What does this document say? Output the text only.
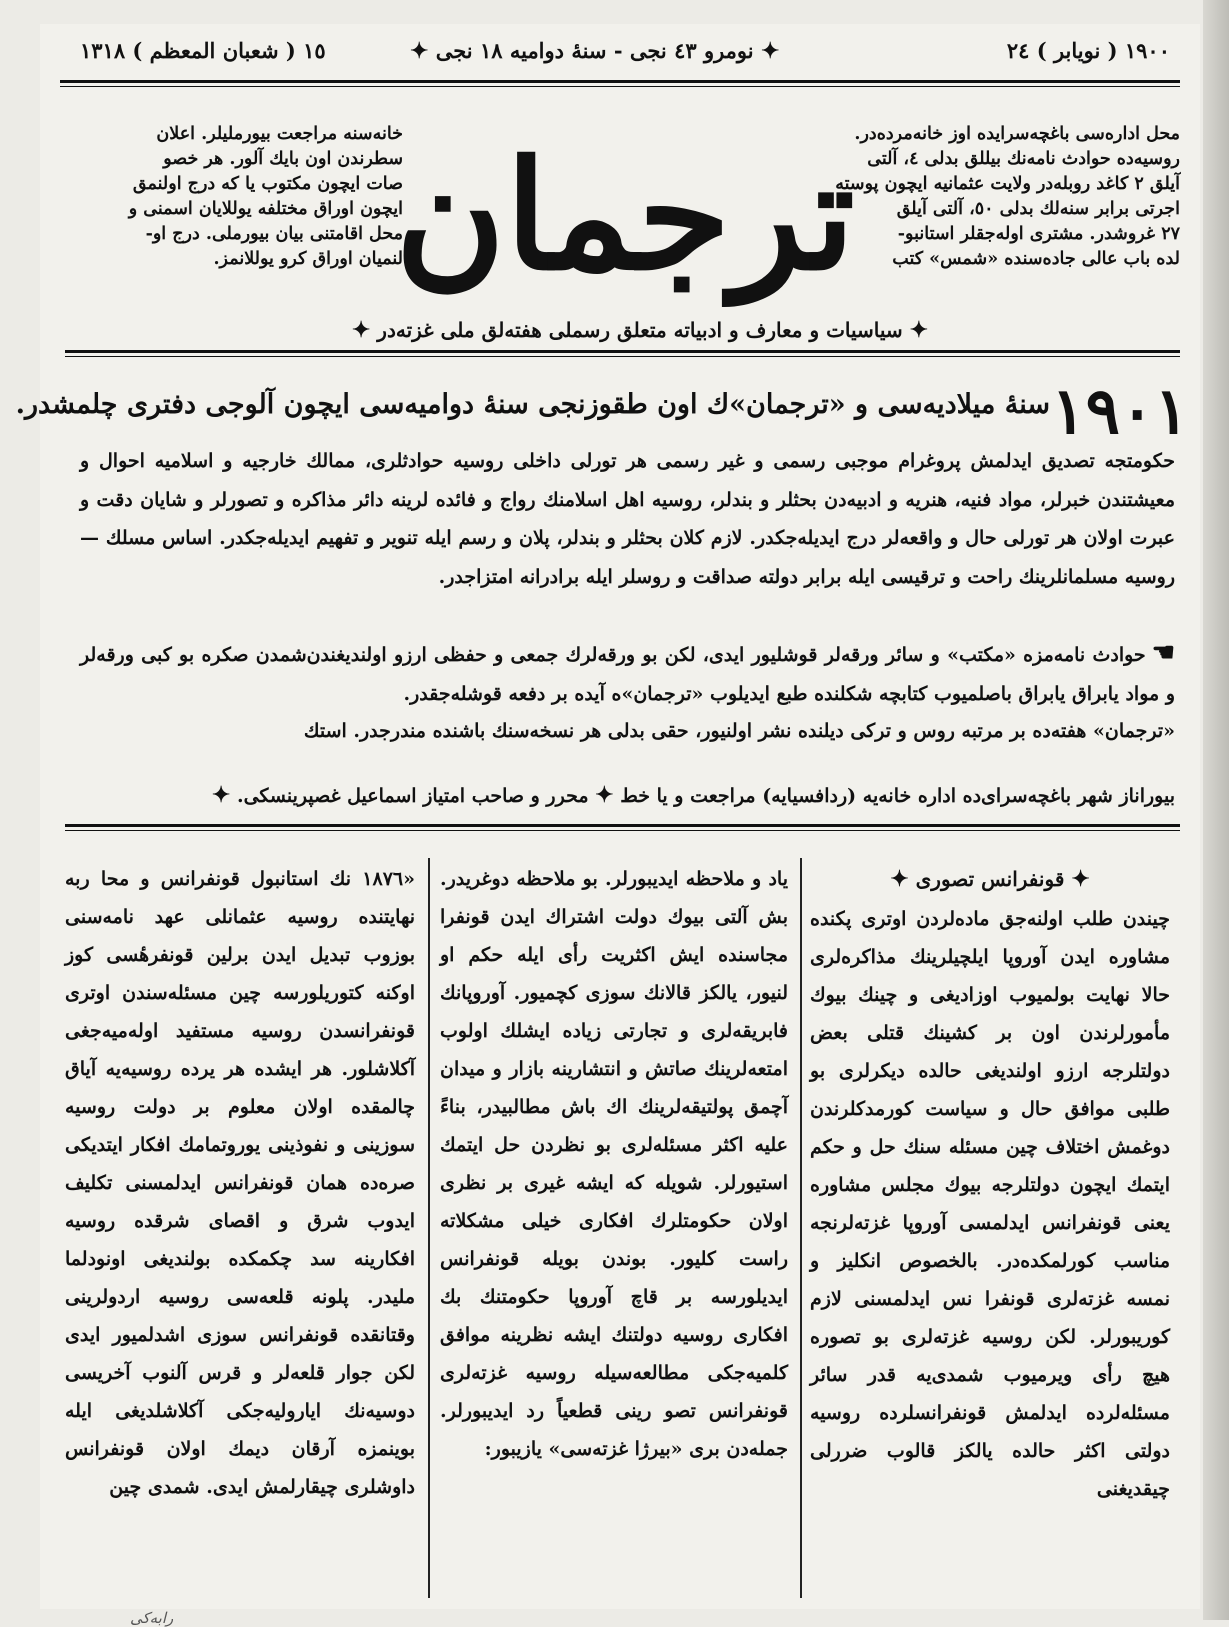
١٩٠٠ ( نویابر ) ٢٤
✦ نومرو ٤٣ نجى - سنۀ دوامیه ١٨ نجى ✦
١٥ ( شعبان المعظم ) ١٣١٨
محل اداره‌سی باغچه‌سرایده اوز خانه‌مرده‌در.
روسیه‌ده حوادث نامه‌نك بیللق بدلی ٤، آلتی
آیلق ٢ کاغد روبله‌در ولایت عثمانیه ایچون پوسته
اجرتی برابر سنه‌لك بدلی ٥٠، آلتی آیلق
٢٧ غروشدر. مشتری اوله‌جقلر استانبو-
لده باب عالی جاده‌سنده «شمس» کتب
ترجمان
خانه‌سنه مراجعت بیورملیلر. اعلان
سطرندن اون بایك آلور. هر خصو
صات ایچون مکتوب یا که درج اولنمق
ایچون اوراق مختلفه یوللایان اسمنی و
محل اقامتنی بیان بیورملی. درج او-
لنمیان اوراق کرو یوللانمز.
✦ سیاسیات و معارف و ادبیاته متعلق رسملی هفته‌لق ملی غزته‌در ✦
١٩٠١
سنۀ میلادیه‌سی و «ترجمان»ك اون طقوزنجی سنۀ دوامیه‌سی ایچون آلوجی دفتری چلمشدر.
حکومتجه تصدیق ایدلمش پروغرام موجبی رسمی و غیر رسمی هر تورلی داخلی روسیه حوادثلری، ممالك خارجیه و اسلامیه احوال و معیشتندن خبرلر، مواد فنیه، هنریه و ادبیه‌دن بحثلر و بندلر، روسیه اهل اسلامنك رواج و فائده لرینه دائر مذاکره و تصورلر و شایان دقت و عبرت اولان هر تورلی حال و واقعه‌لر درج ایدیله‌جکدر. لازم کلان بحثلر و بندلر، پلان و رسم ایله تنویر و تفهیم ایدیله‌جکدر. اساس مسلك — روسیه مسلمانلرینك راحت و ترقیسی ایله برابر دولته صداقت و روسلر ایله برادرانه امتزاجدر.
☚حوادث نامه‌مزه «مکتب» و سائر ورقه‌لر قوشلیور ایدی، لکن بو ورقه‌لرك جمعی و حفظی ارزو اولندیغندن‌شمدن صکره بو کبی ورقه‌لر و مواد یابراق یابراق باصلمیوب کتابچه شکلنده طبع ایدیلوب «ترجمان»ه آیده بر دفعه قوشله‌جقدر.
«ترجمان» هفته‌ده بر مرتبه روس و ترکی دیلنده نشر اولنیور، حقی بدلی هر نسخه‌سنك باشنده مندرجدر. استك
بیوراناز شهر باغچه‌سرای‌ده اداره خانه‌یه (ردافسیایه) مراجعت و یا خط ✦ محرر و صاحب امتیاز اسماعیل غصپرینسکی. ✦
✦ قونفرانس تصوری ✦
چیندن طلب اولنه‌جق ماده‌لردن اوتری پکنده مشاوره ایدن آوروپا ایلچیلرینك مذاکره‌لری حالا نهایت بولمیوب اوزادیغی و چینك بیوك مأمورلرندن اون بر کشینك قتلی بعض دولتلرجه ارزو اولندیغی حالده دیکرلری بو طلبی موافق حال و سیاست کورمدکلرندن دوغمش اختلاف چین مسئله سنك حل و حکم ایتمك ایچون دولتلرجه بیوك مجلس مشاوره یعنی قونفرانس ایدلمسی آوروپا غزته‌لرنجه مناسب کورلمکده‌در. بالخصوص انکلیز و نمسه غزته‌لری قونفرا نس ایدلمسنی لازم کوریبورلر. لکن روسیه غزته‌لری بو تصوره هیچ رأی ویرمیوب شمدی‌یه قدر سائر مسئله‌لرده ایدلمش قونفرانسلرده روسیه دولتی اکثر حالده یالکز قالوب ضررلی چیقدیغنی
یاد و ملاحظه ایدیبورلر. بو ملاحظه دوغریدر. بش آلتی بیوك دولت اشتراك ایدن قونفرا مجاسنده ایش اکثریت رأی ایله حکم او لنیور، یالکز قالانك سوزی کچمیور. آوروپانك فابریقه‌لری و تجارتی زیاده ایشلك اولوب امتعه‌لرینك صاتش و انتشارینه بازار و میدان آچمق پولتیقه‌لرینك اك باش مطالبیدر، بناءً علیه اکثر مسئله‌لری بو نظردن حل ایتمك استیورلر. شویله که ایشه غیری بر نظری اولان حکومتلرك افکاری خیلی مشکلاته راست کلیور. بوندن بویله قونفرانس ایدیلورسه بر قاچ آوروپا حکومتنك بك افکاری روسیه دولتنك ایشه نظرینه موافق کلمیه‌جکی مطالعه‌سیله روسیه غزته‌لری قونفرانس تصو رینی قطعیاً رد ایدیبورلر. جمله‌دن بری «بیرژا غزته‌سی» یازیبور:
«١٨٧٦ نك استانبول قونفرانس و محا ربه نهایتنده روسیه عثمانلی عهد نامه‌سنی بوزوب تبدیل ایدن برلین قونفرهٔسی کوز اوکنه کتوریلورسه چین مسئله‌سندن اوتری قونفرانسدن روسیه مستفید اوله‌میه‌جغی آکلاشلور. هر ایشده هر یرده روسیه‌یه آیاق چالمقده اولان معلوم بر دولت روسیه سوزینی و نفوذینی یوروتمامك افکار ایتدیکی صره‌ده همان قونفرانس ایدلمسنی تکلیف ایدوب شرق و اقصای شرقده روسیه افکارینه سد چکمکده بولندیغی اونودلما ملیدر. پلونه قلعه‌سی روسیه اردولرینی وقتانقده قونفرانس سوزی اشدلمیور ایدی لکن جوار قلعه‌لر و قرس آلنوب آخریسی دوسیه‌نك ایارولیه‌جکی آکلاشلدیغی ایله بوینمزه آرقان دیمك اولان قونفرانس داوشلری چیقارلمش ایدی. شمدی چین
ر‌ابه‌کی
